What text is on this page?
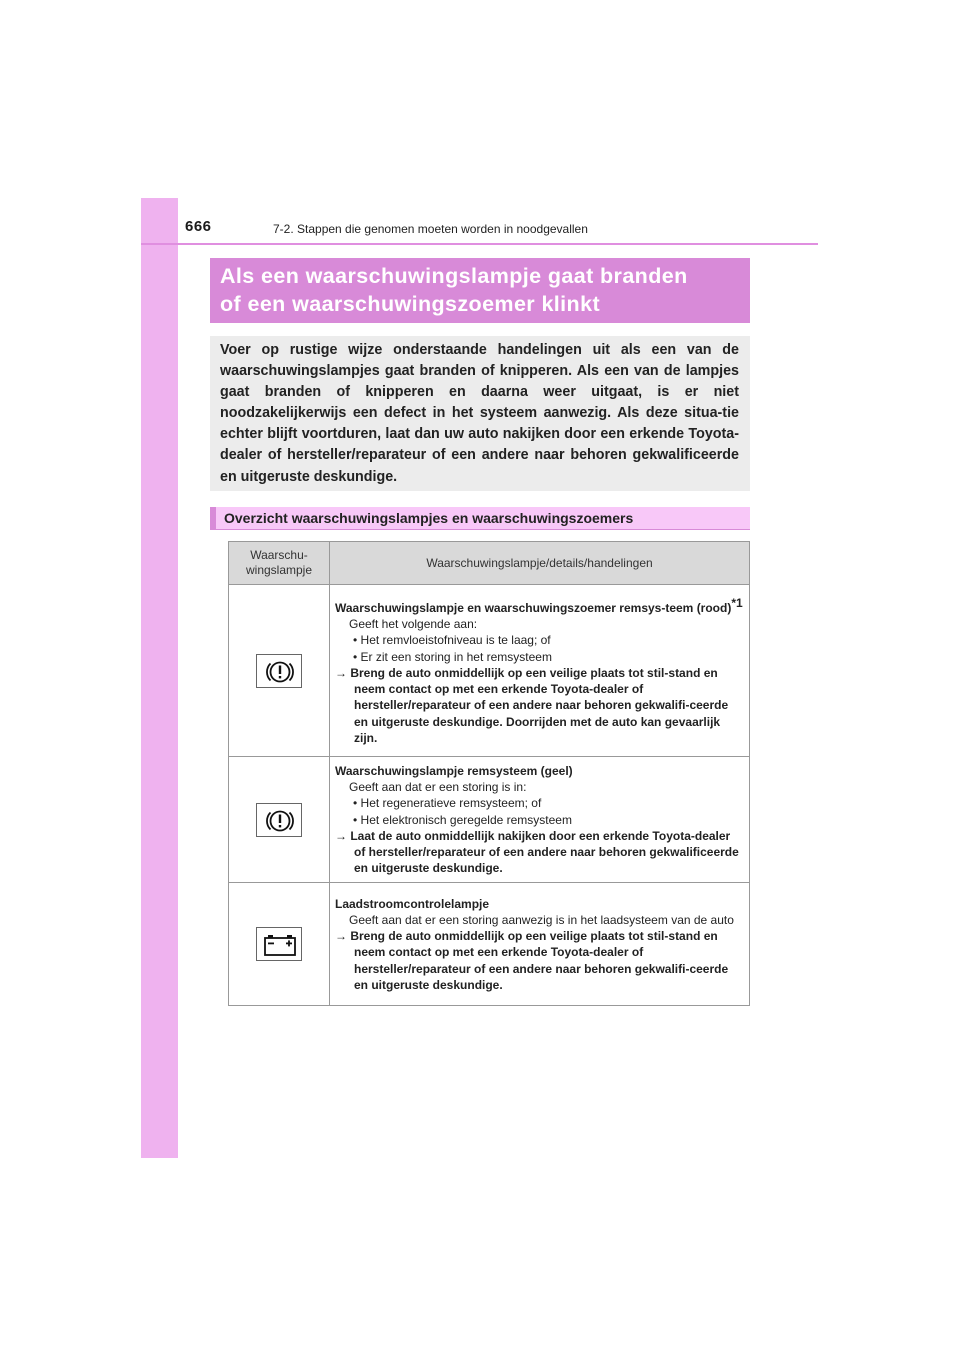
666	7-2. Stappen die genomen moeten worden in noodgevallen
Als een waarschuwingslampje gaat branden
of een waarschuwingszoemer klinkt

Voer op rustige wijze onderstaande handelingen uit als een van de waarschuwingslampjes gaat branden of knipperen. Als een van de lampjes gaat branden of knipperen en daarna weer uitgaat, is er niet noodzakelijkerwijs een defect in het systeem aanwezig. Als deze situa-tie echter blijft voortduren, laat dan uw auto nakijken door een erkende Toyota-dealer of hersteller/reparateur of een andere naar behoren gekwalificeerde en uitgeruste deskundige.

Overzicht waarschuwingslampjes en waarschuwingszoemers
Waarschu-
wingslampje	Waarschuwingslampje/details/handelingen

Waarschuwingslampje en waarschuwingszoemer remsys-teem (rood)$^{*1}$
Geeft het volgende aan:
• Het remvloeistofniveau is te laag; of
• Er zit een storing in het remsysteem
→ Breng de auto onmiddellijk op een veilige plaats tot stil-stand en neem contact op met een erkende Toyota-dealer of hersteller/reparateur of een andere naar behoren gekwalifi-ceerde en uitgeruste deskundige. Doorrijden met de auto kan gevaarlijk zijn.

Waarschuwingslampje remsysteem (geel)
Geeft aan dat er een storing is in:
• Het regeneratieve remsysteem; of
• Het elektronisch geregelde remsysteem
→ Laat de auto onmiddellijk nakijken door een erkende Toyota-dealer of hersteller/reparateur of een andere naar behoren gekwalificeerde en uitgeruste deskundige.

Laadstroomcontrolelampje
Geeft aan dat er een storing aanwezig is in het laadsysteem van de auto
→ Breng de auto onmiddellijk op een veilige plaats tot stil-stand en neem contact op met een erkende Toyota-dealer of hersteller/reparateur of een andere naar behoren gekwalifi-ceerde en uitgeruste deskundige.
